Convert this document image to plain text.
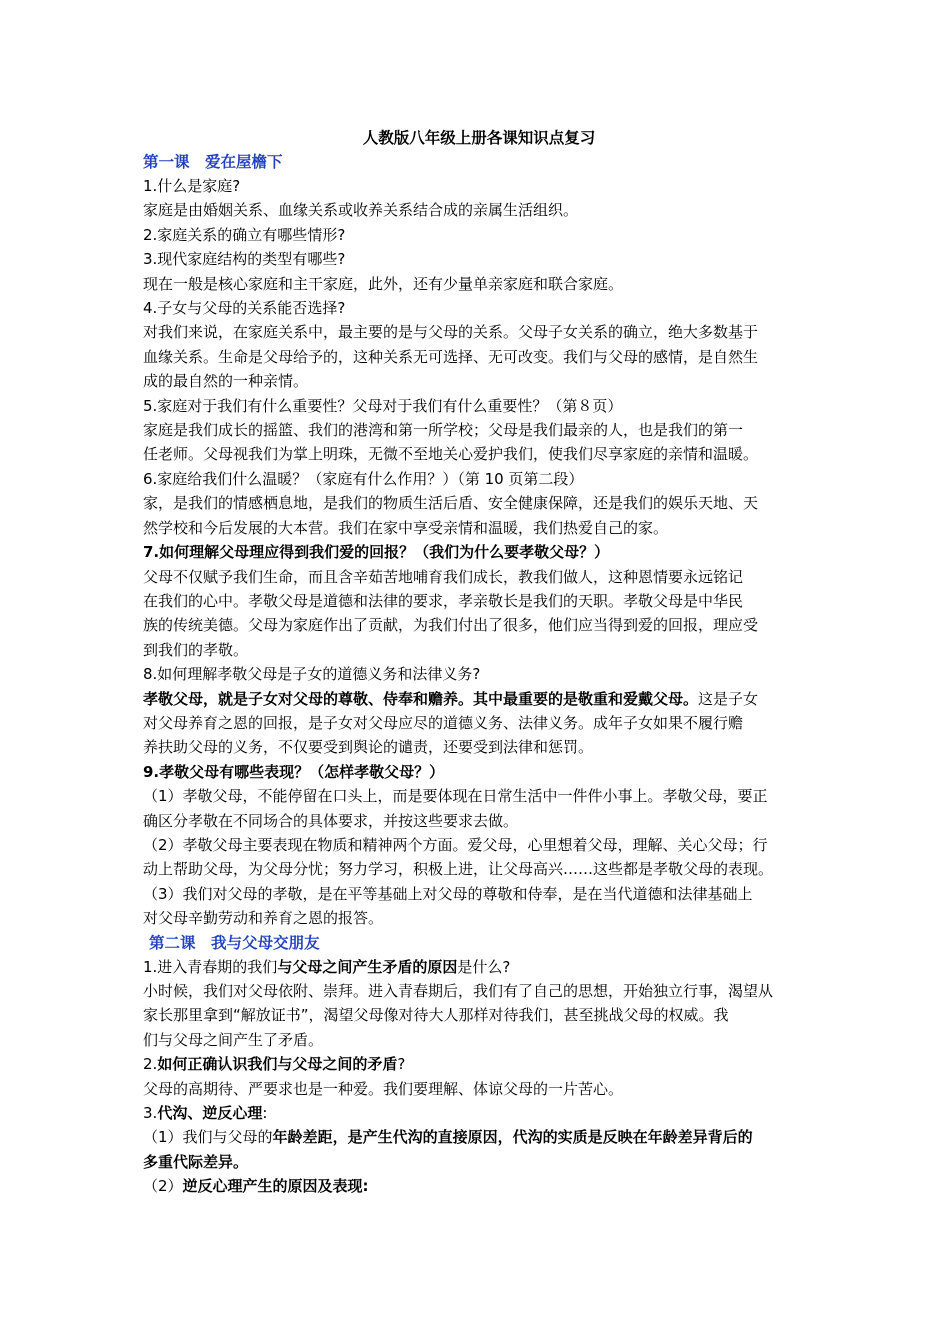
人教版八年级上册各课知识点复习
第一课　爱在屋檐下
1.什么是家庭?
家庭是由婚姻关系、血缘关系或收养关系结合成的亲属生活组织。
2.家庭关系的确立有哪些情形?
3.现代家庭结构的类型有哪些?
现在一般是核心家庭和主干家庭，此外，还有少量单亲家庭和联合家庭。
4.子女与父母的关系能否选择?
对我们来说，在家庭关系中，最主要的是与父母的关系。父母子女关系的确立，绝大多数基于
血缘关系。生命是父母给予的，这种关系无可选择、无可改变。我们与父母的感情，是自然生
成的最自然的一种亲情。
5.家庭对于我们有什么重要性？父母对于我们有什么重要性？（第８页）
家庭是我们成长的摇篮、我们的港湾和第一所学校；父母是我们最亲的人，也是我们的第一
任老师。父母视我们为掌上明珠，无微不至地关心爱护我们，使我们尽享家庭的亲情和温暖。
6.家庭给我们什么温暖？（家庭有什么作用？）（第 10 页第二段）
家，是我们的情感栖息地，是我们的物质生活后盾、安全健康保障，还是我们的娱乐天地、天
然学校和今后发展的大本营。我们在家中享受亲情和温暖，我们热爱自己的家。
7.如何理解父母理应得到我们爱的回报？（我们为什么要孝敬父母？）
父母不仅赋予我们生命，而且含辛茹苦地哺育我们成长，教我们做人，这种恩情要永远铭记
在我们的心中。孝敬父母是道德和法律的要求，孝亲敬长是我们的天职。孝敬父母是中华民
族的传统美德。父母为家庭作出了贡献，为我们付出了很多，他们应当得到爱的回报，理应受
到我们的孝敬。
8.如何理解孝敬父母是子女的道德义务和法律义务?
孝敬父母，就是子女对父母的尊敬、侍奉和赡养。其中最重要的是敬重和爱戴父母。这是子女
对父母养育之恩的回报，是子女对父母应尽的道德义务、法律义务。成年子女如果不履行赡
养扶助父母的义务，不仅要受到舆论的谴责，还要受到法律和惩罚。
9.孝敬父母有哪些表现？（怎样孝敬父母？）
（1）孝敬父母，不能停留在口头上，而是要体现在日常生活中一件件小事上。孝敬父母，要正
确区分孝敬在不同场合的具体要求，并按这些要求去做。
（2）孝敬父母主要表现在物质和精神两个方面。爱父母，心里想着父母，理解、关心父母；行
动上帮助父母，为父母分忧；努力学习，积极上进，让父母高兴……这些都是孝敬父母的表现。
（3）我们对父母的孝敬，是在平等基础上对父母的尊敬和侍奉，是在当代道德和法律基础上
对父母辛勤劳动和养育之恩的报答。
第二课　我与父母交朋友
1.进入青春期的我们与父母之间产生矛盾的原因是什么?
小时候，我们对父母依附、崇拜。进入青春期后，我们有了自己的思想，开始独立行事，渴望从
家长那里拿到“解放证书”，渴望父母像对待大人那样对待我们，甚至挑战父母的权威。我
们与父母之间产生了矛盾。
2.如何正确认识我们与父母之间的矛盾?
父母的高期待、严要求也是一种爱。我们要理解、体谅父母的一片苦心。
3.代沟、逆反心理:
（1）我们与父母的年龄差距，是产生代沟的直接原因，代沟的实质是反映在年龄差异背后的
多重代际差异。
（2）逆反心理产生的原因及表现:
